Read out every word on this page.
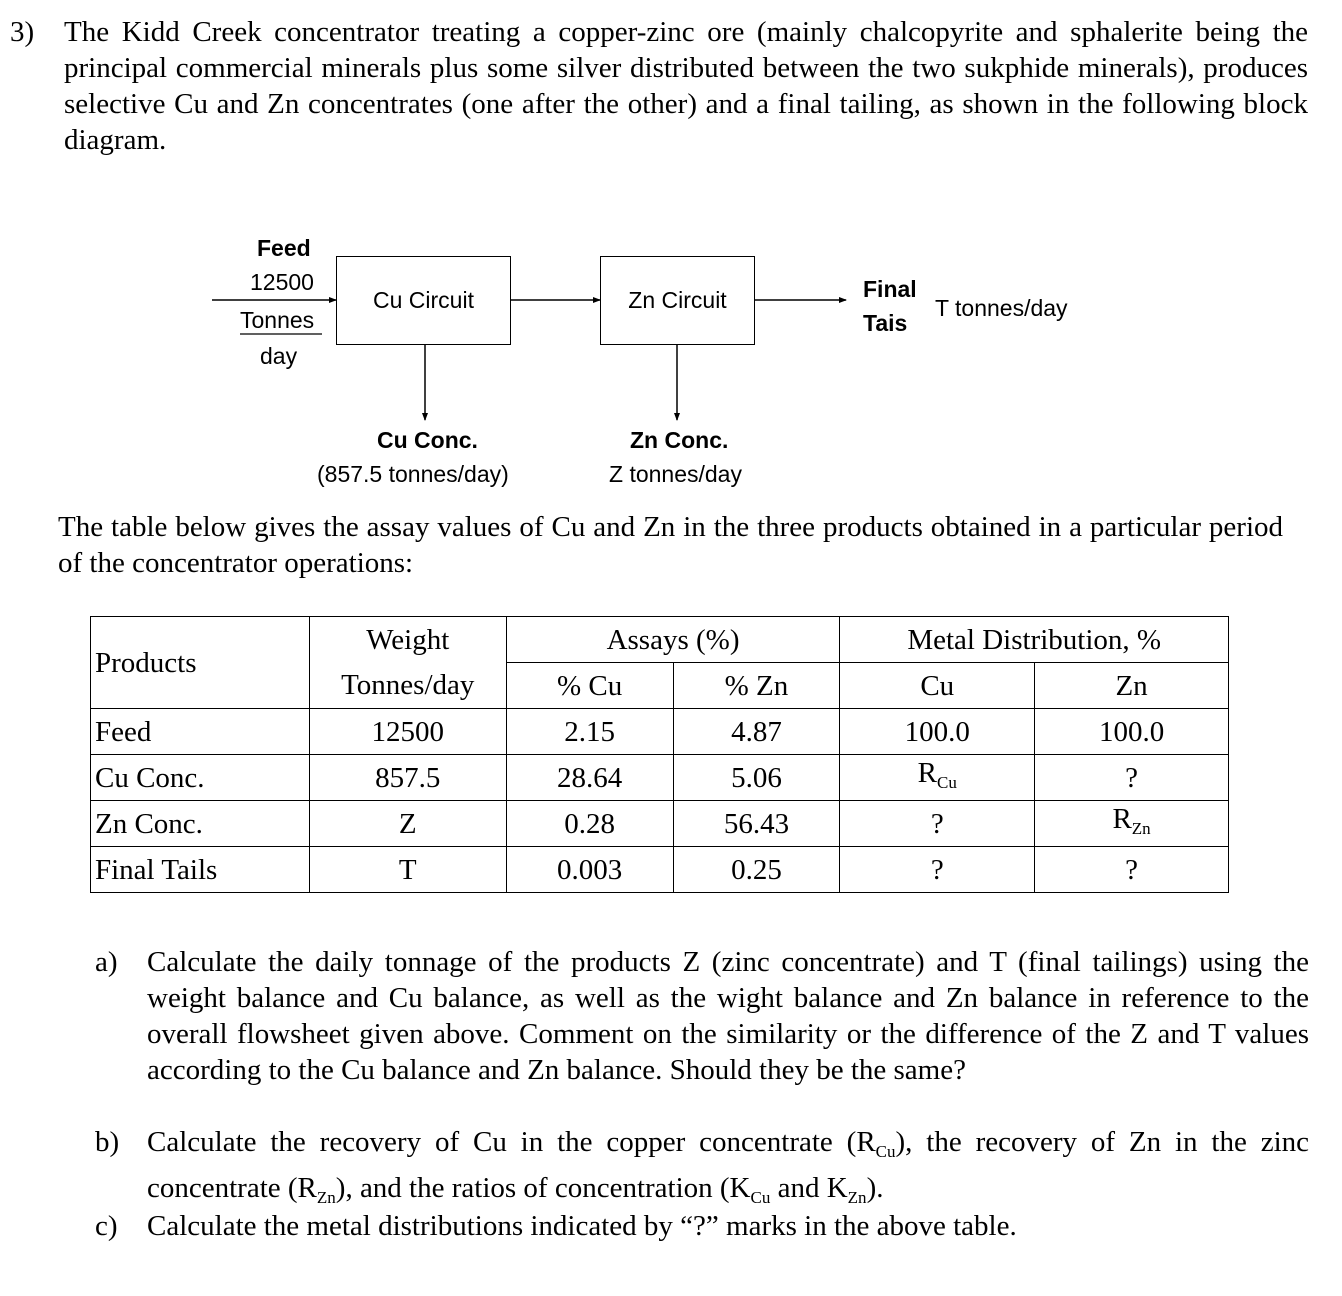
3) The Kidd Creek concentrator treating a copper-zinc ore (mainly chalcopyrite and sphalerite being the principal commercial minerals plus some silver distributed between the two sukphide minerals), produces selective Cu and Zn concentrates (one after the other) and a final tailing, as shown in the following block diagram.
Feed
12500
Tonnes
day
Cu Circuit	Zn Circuit	Final
Tais
T tonnes/day
Cu Conc.
(857.5 tonnes/day)
Zn Conc.
Z tonnes/day
The table below gives the assay values of Cu and Zn in the three products obtained in a particular period of the concentrator operations:
Products	Weight	Assays (%)		Metal Distribution, %	
	Tonnes/day	% Cu	% Zn	Cu	Zn
Feed	12500	2.15	4.87	100.0	100.0
Cu Conc.	857.5	28.64	5.06	$R_{Cu}$	?
Zn Conc.	Z	0.28	56.43	?	$R_{Zn}$
Final Tails	T	0.003	0.25	?	?
a) Calculate the daily tonnage of the products Z (zinc concentrate) and T (final tailings) using the weight balance and Cu balance, as well as the wight balance and Zn balance in reference to the overall flowsheet given above. Comment on the similarity or the difference of the Z and T values according to the Cu balance and Zn balance. Should they be the same?
b) Calculate the recovery of Cu in the copper concentrate $(R_{Cu})$, the recovery of Zn in the zinc concentrate $(R_{Zn})$, and the ratios of concentration ($K_{Cu}$ and $K_{Zn}$).
c) Calculate the metal distributions indicated by “?” marks in the above table.
